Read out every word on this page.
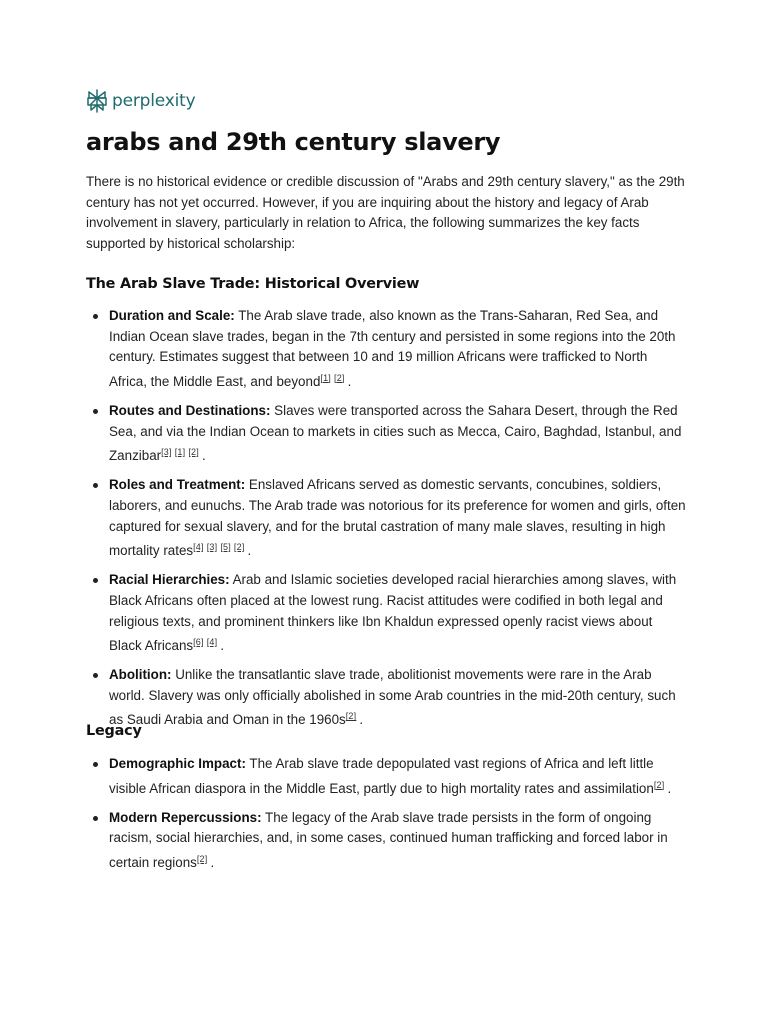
perplexity
arabs and 29th century slavery

There is no historical evidence or credible discussion of "Arabs and 29th century slavery," as the 29th century has not yet occurred. However, if you are inquiring about the history and legacy of Arab involvement in slavery, particularly in relation to Africa, the following summarizes the key facts supported by historical scholarship:

The Arab Slave Trade: Historical Overview
Duration and Scale: The Arab slave trade, also known as the Trans-Saharan, Red Sea, and Indian Ocean slave trades, began in the 7th century and persisted in some regions into the 20th century. Estimates suggest that between 10 and 19 million Africans were trafficked to North Africa, the Middle East, and beyond[1] [2] .
Routes and Destinations: Slaves were transported across the Sahara Desert, through the Red Sea, and via the Indian Ocean to markets in cities such as Mecca, Cairo, Baghdad, Istanbul, and Zanzibar[3] [1] [2] .
Roles and Treatment: Enslaved Africans served as domestic servants, concubines, soldiers, laborers, and eunuchs. The Arab trade was notorious for its preference for women and girls, often captured for sexual slavery, and for the brutal castration of many male slaves, resulting in high mortality rates[4] [3] [5] [2] .
Racial Hierarchies: Arab and Islamic societies developed racial hierarchies among slaves, with Black Africans often placed at the lowest rung. Racist attitudes were codified in both legal and religious texts, and prominent thinkers like Ibn Khaldun expressed openly racist views about Black Africans[6] [4] .
Abolition: Unlike the transatlantic slave trade, abolitionist movements were rare in the Arab world. Slavery was only officially abolished in some Arab countries in the mid-20th century, such as Saudi Arabia and Oman in the 1960s[2] .
Legacy
Demographic Impact: The Arab slave trade depopulated vast regions of Africa and left little visible African diaspora in the Middle East, partly due to high mortality rates and assimilation[2] .
Modern Repercussions: The legacy of the Arab slave trade persists in the form of ongoing racism, social hierarchies, and, in some cases, continued human trafficking and forced labor in certain regions[2] .
